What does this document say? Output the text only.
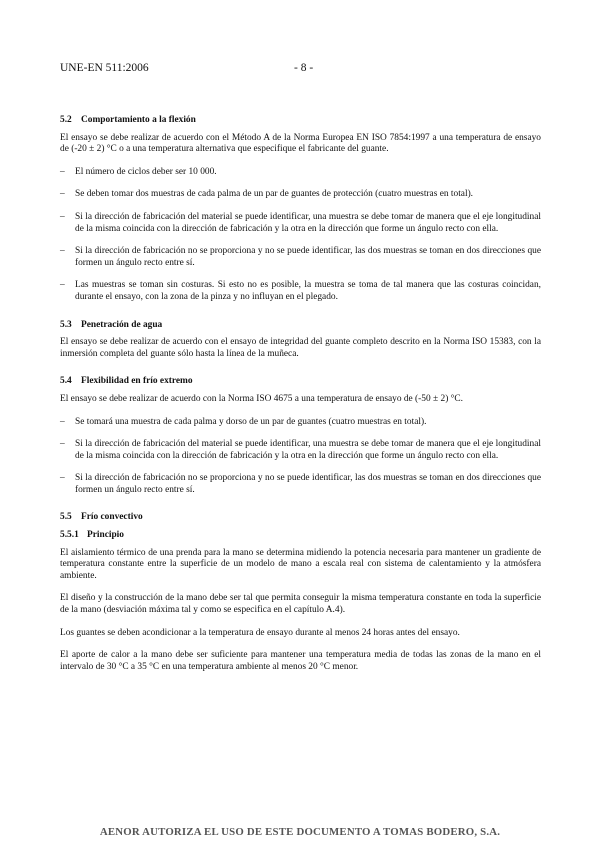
UNE-EN 511:2006	- 8 -
5.2 Comportamiento a la flexión

El ensayo se debe realizar de acuerdo con el Método A de la Norma Europea EN ISO 7854:1997 a una temperatura de ensayo de (-20 ± 2) °C o a una temperatura alternativa que especifique el fabricante del guante.

– El número de ciclos deber ser 10 000.
– Se deben tomar dos muestras de cada palma de un par de guantes de protección (cuatro muestras en total).
– Si la dirección de fabricación del material se puede identificar, una muestra se debe tomar de manera que el eje longitudinal de la misma coincida con la dirección de fabricación y la otra en la dirección que forme un ángulo recto con ella.
– Si la dirección de fabricación no se proporciona y no se puede identificar, las dos muestras se toman en dos direcciones que formen un ángulo recto entre sí.
– Las muestras se toman sin costuras. Si esto no es posible, la muestra se toma de tal manera que las costuras coincidan, durante el ensayo, con la zona de la pinza y no influyan en el plegado.
5.3 Penetración de agua

El ensayo se debe realizar de acuerdo con el ensayo de integridad del guante completo descrito en la Norma ISO 15383, con la inmersión completa del guante sólo hasta la línea de la muñeca.

5.4 Flexibilidad en frío extremo

El ensayo se debe realizar de acuerdo con la Norma ISO 4675 a una temperatura de ensayo de (-50 ± 2) °C.

– Se tomará una muestra de cada palma y dorso de un par de guantes (cuatro muestras en total).
– Si la dirección de fabricación del material se puede identificar, una muestra se debe tomar de manera que el eje longitudinal de la misma coincida con la dirección de fabricación y la otra en la dirección que forme un ángulo recto con ella.
– Si la dirección de fabricación no se proporciona y no se puede identificar, las dos muestras se toman en dos direcciones que formen un ángulo recto entre sí.
5.5 Frío convectivo
5.5.1 Principio

El aislamiento térmico de una prenda para la mano se determina midiendo la potencia necesaria para mantener un gradiente de temperatura constante entre la superficie de un modelo de mano a escala real con sistema de calentamiento y la atmósfera ambiente.

El diseño y la construcción de la mano debe ser tal que permita conseguir la misma temperatura constante en toda la superficie de la mano (desviación máxima tal y como se especifica en el capítulo A.4).

Los guantes se deben acondicionar a la temperatura de ensayo durante al menos 24 horas antes del ensayo.

El aporte de calor a la mano debe ser suficiente para mantener una temperatura media de todas las zonas de la mano en el intervalo de 30 °C a 35 °C en una temperatura ambiente al menos 20 °C menor.

AENOR AUTORIZA EL USO DE ESTE DOCUMENTO A TOMAS BODERO, S.A.
